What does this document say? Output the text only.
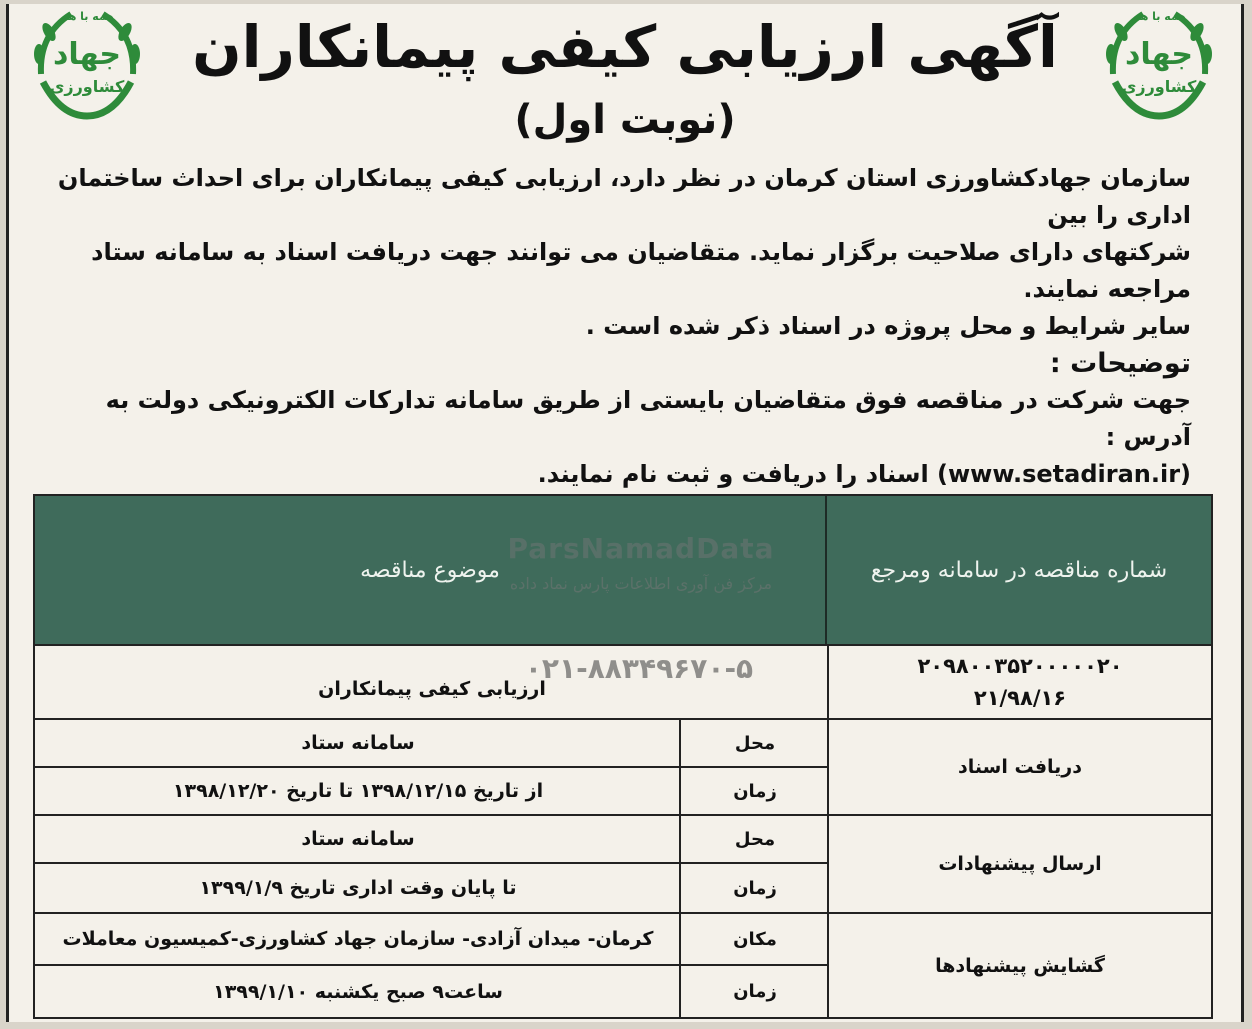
همه با هم
جهاد
کشاورزی
همه با هم
جهاد
کشاورزی
آگهی ارزیابی کیفی پیمانکاران
(نوبت اول)

سازمان جهادکشاورزی استان کرمان در نظر دارد، ارزیابی کیفی پیمانکاران برای احداث ساختمان اداری را بین

شرکتهای دارای صلاحیت برگزار نماید. متقاضیان می توانند جهت دریافت اسناد به سامانه ستاد مراجعه نمایند.

سایر شرایط و محل پروژه در اسناد ذکر شده است .

توضیحات :

جهت شرکت در مناقصه فوق متقاضیان بایستی از طریق سامانه تدارکات الکترونیکی دولت به آدرس :

(www.setadiran.ir) اسناد را دریافت و ثبت نام نمایند.

شماره مناقصه در سامانه ومرجع
موضوع مناقصه
۲۰۹۸۰۰۳۵۲۰۰۰۰۰۲۰
۲۱/۹۸/۱۶
ارزیابی کیفی پیمانکاران
دریافت اسناد
محل
سامانه ستاد
زمان
از تاریخ ۱۳۹۸/۱۲/۱۵ تا تاریخ ۱۳۹۸/۱۲/۲۰
ارسال پیشنهادات
محل
سامانه ستاد
زمان
تا پایان وقت اداری تاریخ ۱۳۹۹/۱/۹
گشایش پیشنهادها
مکان
کرمان- میدان آزادی- سازمان جهاد کشاورزی-کمیسیون معاملات
زمان
ساعت۹ صبح یکشنبه ۱۳۹۹/۱/۱۰
ParsNamadData
مرکز فن آوری اطلاعات پارس نماد داده
۰۲۱-۸۸۳۴۹۶۷۰-۵
